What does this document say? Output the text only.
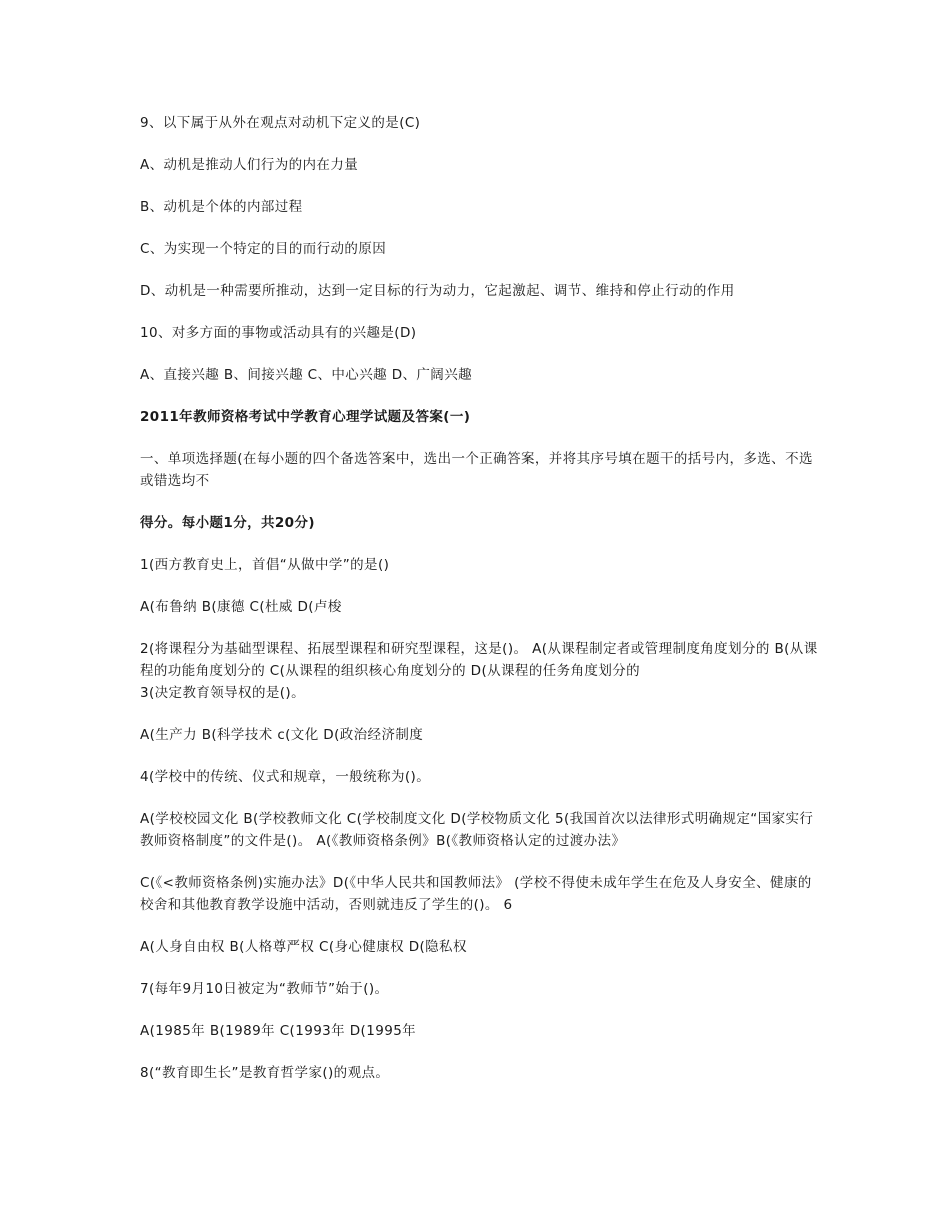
9、以下属于从外在观点对动机下定义的是(C)

A、动机是推动人们行为的内在力量

B、动机是个体的内部过程

C、为实现一个特定的目的而行动的原因

D、动机是一种需要所推动，达到一定目标的行为动力，它起激起、调节、维持和停止行动的作用

10、对多方面的事物或活动具有的兴趣是(D)

A、直接兴趣 B、间接兴趣 C、中心兴趣 D、广阔兴趣

2011年教师资格考试中学教育心理学试题及答案(一)

一、单项选择题(在每小题的四个备选答案中，选出一个正确答案，并将其序号填在题干的括号内，多选、不选或错选均不

得分。每小题1分，共20分)

1(西方教育史上，首倡“从做中学”的是()

A(布鲁纳 B(康德 C(杜威 D(卢梭

2(将课程分为基础型课程、拓展型课程和研究型课程，这是()。 A(从课程制定者或管理制度角度划分的 B(从课程的功能角度划分的 C(从课程的组织核心角度划分的 D(从课程的任务角度划分的

3(决定教育领导权的是()。

A(生产力 B(科学技术 c(文化 D(政治经济制度

4(学校中的传统、仪式和规章，一般统称为()。

A(学校校园文化 B(学校教师文化 C(学校制度文化 D(学校物质文化 5(我国首次以法律形式明确规定“国家实行教师资格制度”的文件是()。 A(《教师资格条例》B(《教师资格认定的过渡办法》

C(《<教师资格条例)实施办法》D(《中华人民共和国教师法》 (学校不得使未成年学生在危及人身安全、健康的校舍和其他教育教学设施中活动，否则就违反了学生的()。 6

A(人身自由权 B(人格尊严权 C(身心健康权 D(隐私权

7(每年9月10日被定为“教师节”始于()。

A(1985年 B(1989年 C(1993年 D(1995年

8(“教育即生长”是教育哲学家()的观点。
